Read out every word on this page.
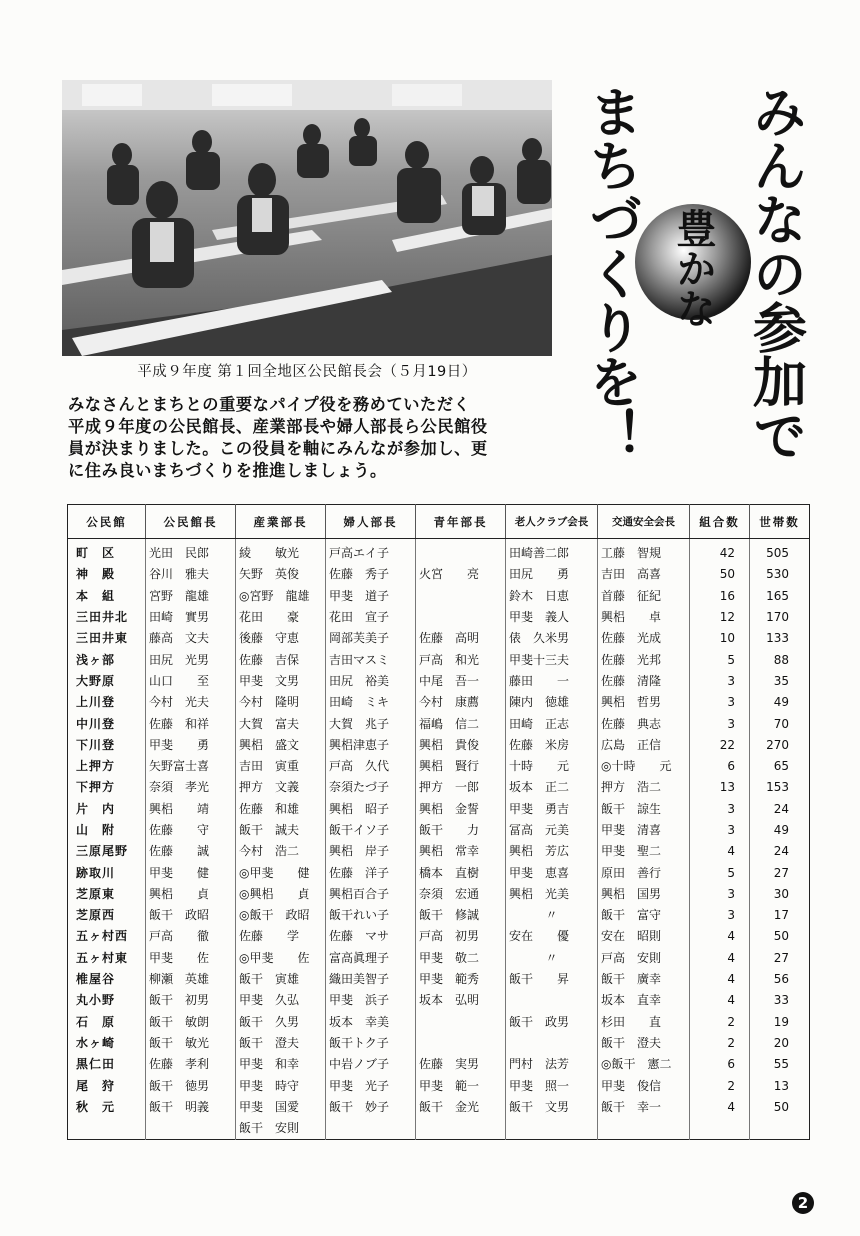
平成９年度 第１回全地区公民館長会（５月19日）

みなさんとまちとの重要なパイプ役を務めていただく

平成９年度の公民館長、産業部長や婦人部長ら公民館役

員が決まりました。この役員を軸にみんなが参加し、更

に住み良いまちづくりを推進しましょう。

みんなの参加で
まちづくりを！ 豊かな
公民館	公民館長	産業部長	婦人部長	青年部長	老人クラブ会長	交通安全会長	組合数	世帯数
町　区	光田　民郎	綾　　敏光	戸高エイ子		田崎善二郎	工藤　智規	42	505
神　殿	谷川　雅夫	矢野　英俊	佐藤　秀子	火宮　　亮	田尻　　勇	吉田　高喜	50	530
本　組	宮野　龍雄	◎宮野　龍雄	甲斐　道子		鈴木　日恵	首藤　征紀	16	165
三田井北	田崎　實男	花田　　豪	花田　宣子		甲斐　義人	興梠　　卓	12	170
三田井東	藤高　文夫	後藤　守恵	岡部芙美子	佐藤　高明	俵　久米男	佐藤　光成	10	133
浅ヶ部	田尻　光男	佐藤　吉保	吉田マスミ	戸高　和光	甲斐十三夫	佐藤　光邦	5	88
大野原	山口　　至	甲斐　文男	田尻　裕美	中尾　吾一	藤田　　一	佐藤　清隆	3	35
上川登	今村　光夫	今村　隆明	田崎　ミキ	今村　康薦	陳内　徳雄	興梠　哲男	3	49
中川登	佐藤　和祥	大賀　富夫	大賀　兆子	福嶋　信二	田崎　正志	佐藤　典志	3	70
下川登	甲斐　　勇	興梠　盛文	興梠津恵子	興梠　貴俊	佐藤　米房	広島　正信	22	270
上押方	矢野富士喜	吉田　寅重	戸高　久代	興梠　賢行	十時　　元	◎十時　　元	6	65
下押方	奈須　孝光	押方　文義	奈須たづ子	押方　一郎	坂本　正二	押方　浩二	13	153
片　内	興梠　　靖	佐藤　和雄	興梠　昭子	興梠　金誓	甲斐　勇吉	飯干　諒生	3	24
山　附	佐藤　　守	飯干　誠夫	飯干イソ子	飯干　　力	冨高　元美	甲斐　清喜	3	49
三原尾野	佐藤　　誠	今村　浩二	興梠　岸子	興梠　常幸	興梠　芳広	甲斐　聖二	4	24
跡取川	甲斐　　健	◎甲斐　　健	佐藤　洋子	橋本　直樹	甲斐　恵喜	原田　善行	5	27
芝原東	興梠　　貞	◎興梠　　貞	興梠百合子	奈須　宏通	興梠　光美	興梠　国男	3	30
芝原西	飯干　政昭	◎飯干　政昭	飯干れい子	飯干　修誠	〃	飯干　富守	3	17
五ヶ村西	戸高　　徹	佐藤　　学	佐藤　マサ	戸高　初男	安在　　優	安在　昭則	4	50
五ヶ村東	甲斐　　佐	◎甲斐　　佐	富高眞理子	甲斐　敬二	〃	戸高　安則	4	27
椎屋谷	柳瀬　英雄	飯干　寅雄	織田美智子	甲斐　範秀	飯干　　昇	飯干　廣幸	4	56
丸小野	飯干　初男	甲斐　久弘	甲斐　浜子	坂本　弘明		坂本　直幸	4	33
石　原	飯干　敏朗	飯干　久男	坂本　幸美		飯干　政男	杉田　　直	2	19
水ヶ崎	飯干　敏光	飯干　澄夫	飯干トク子			飯干　澄夫	2	20
黒仁田	佐藤　孝利	甲斐　和幸	中岩ノブ子	佐藤　実男	門村　法芳	◎飯干　憲二	6	55
尾　狩	飯干　徳男	甲斐　時守	甲斐　光子	甲斐　範一	甲斐　照一	甲斐　俊信	2	13
秋　元	飯干　明義	甲斐　国愛	飯干　妙子	飯干　金光	飯干　文男	飯干　幸一	4	50
		飯干　安則						
2
